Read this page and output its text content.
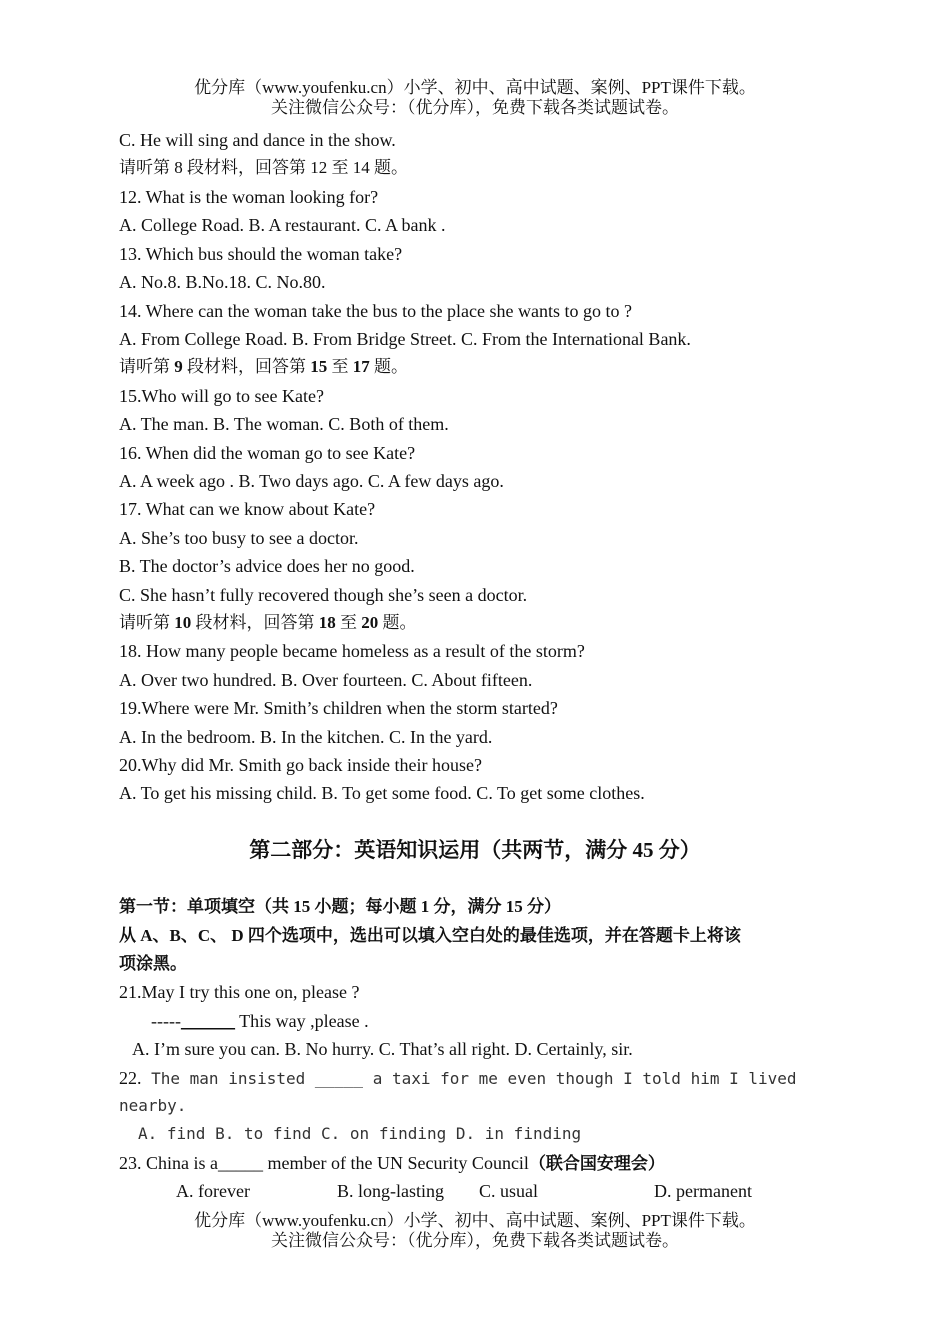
优分库（www.youfenku.cn）小学、初中、高中试题、案例、PPT课件下载。
关注微信公众号：（优分库），免费下载各类试题试卷。
C. He will sing and dance in the show.
请听第 8 段材料，回答第 12 至 14 题。
12. What is the woman looking for?
A. College Road. B. A restaurant. C. A bank .
13. Which bus should the woman take?
A. No.8. B.No.18. C. No.80.
14. Where can the woman take the bus to the place she wants to go to ?
A. From College Road. B. From Bridge Street. C. From the International Bank.
请听第 9 段材料，回答第 15 至 17 题。
15.Who will go to see Kate?
A. The man. B. The woman. C. Both of them.
16. When did the woman go to see Kate?
A. A week ago . B. Two days ago. C. A few days ago.
17. What can we know about Kate?
A. She’s too busy to see a doctor.
B. The doctor’s advice does her no good.
C. She hasn’t fully recovered though she’s seen a doctor.
请听第 10 段材料，回答第 18 至 20 题。
18. How many people became homeless as a result of the storm?
A. Over two hundred. B. Over fourteen. C. About fifteen.
19.Where were Mr. Smith’s children when the storm started?
A. In the bedroom. B. In the kitchen. C. In the yard.
20.Why did Mr. Smith go back inside their house?
A. To get his missing child. B. To get some food. C. To get some clothes.
第二部分：英语知识运用（共两节，满分 45 分）
第一节：单项填空（共 15 小题；每小题 1 分，满分 15 分）
从 A、B、C、 D 四个选项中，选出可以填入空白处的最佳选项，并在答题卡上将该
项涂黑。
21.May I try this one on, please ?
-----______ This way ,please .
A. I’m sure you can. B. No hurry. C. That’s all right. D. Certainly, sir.
22. The man insisted _____ a taxi for me even though I told him I lived
nearby.
A. find B. to find C. on finding D. in finding
23. China is a_____ member of the UN Security Council（联合国安理会）
A. forever	B. long-lasting C. usual	D. permanent
优分库（www.youfenku.cn）小学、初中、高中试题、案例、PPT课件下载。
关注微信公众号：（优分库），免费下载各类试题试卷。
